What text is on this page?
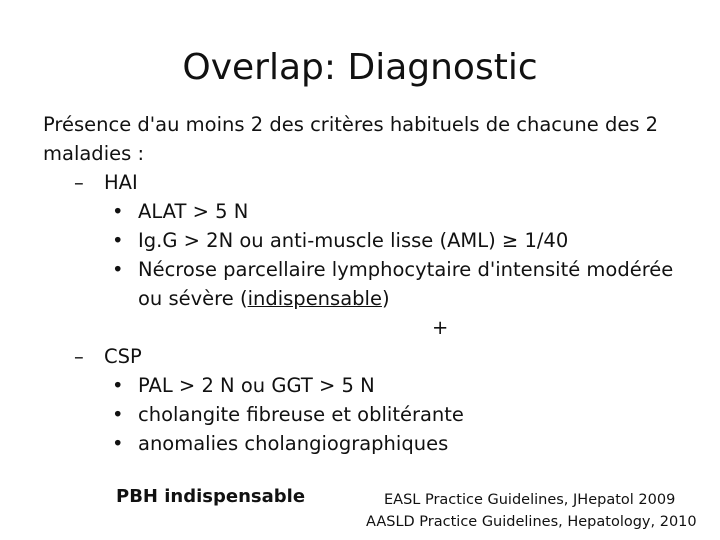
Overlap: Diagnostic

Présence d'au moins 2 des critères habituels de chacune des 2 maladies :

– HAI
• ALAT > 5 N
• Ig.G > 2N ou anti-muscle lisse (AML) ≥ 1/40
• Nécrose parcellaire lymphocytaire d'intensité modérée
ou sévère (indispensable)
+
– CSP
• PAL > 2 N ou GGT > 5 N
• cholangite fibreuse et oblitérante
• anomalies cholangiographiques
PBH indispensable	EASL Practice Guidelines, JHepatol 2009
AASLD Practice Guidelines, Hepatology, 2010
